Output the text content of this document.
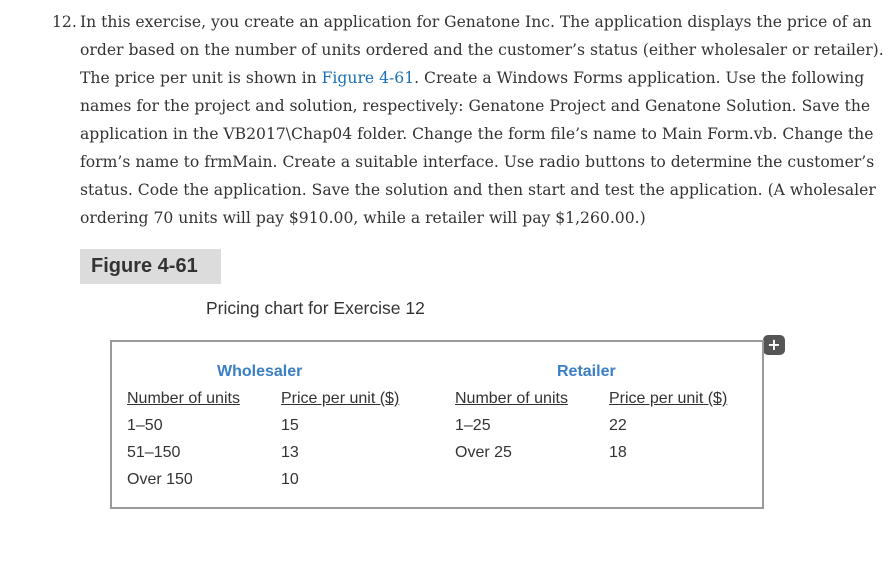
12. In this exercise, you create an application for Genatone Inc. The application displays the price of an
order based on the number of units ordered and the customer’s status (either wholesaler or retailer).
The price per unit is shown in Figure 4-61. Create a Windows Forms application. Use the following
names for the project and solution, respectively: Genatone Project and Genatone Solution. Save the
application in the VB2017\Chap04 folder. Change the form file’s name to Main Form.vb. Change the
form’s name to frmMain. Create a suitable interface. Use radio buttons to determine the customer’s
status. Code the application. Save the solution and then start and test the application. (A wholesaler
ordering 70 units will pay $910.00, while a retailer will pay $1,260.00.)
Figure 4-61
Pricing chart for Exercise 12
+
Wholesaler
Number of units	Price per unit ($)
1–50	15
51–150	13
Over 150	10
Retailer
Number of units	Price per unit ($)
1–25	22
Over 25	18
